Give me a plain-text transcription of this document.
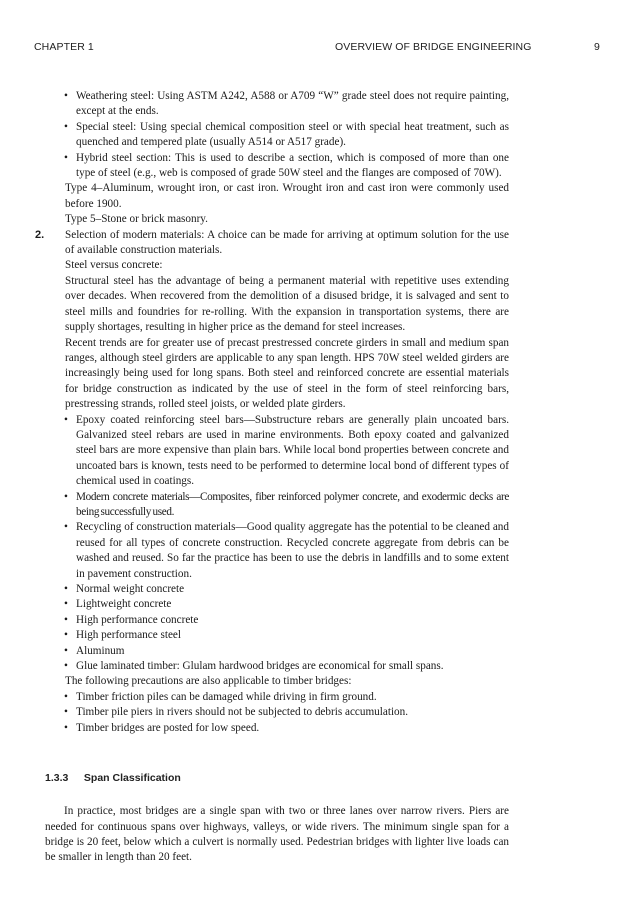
CHAPTER 1	OVERVIEW OF BRIDGE ENGINEERING	9

• Weathering steel: Using ASTM A242, A588 or A709 “W” grade steel does not require painting, except at the ends.

• Special steel: Using special chemical composition steel or with special heat treatment, such as quenched and tempered plate (usually A514 or A517 grade).

• Hybrid steel section: This is used to describe a section, which is composed of more than one type of steel (e.g., web is composed of grade 50W steel and the flanges are composed of 70W).

Type 4–Aluminum, wrought iron, or cast iron. Wrought iron and cast iron were commonly used before 1900.

Type 5–Stone or brick masonry.

2. Selection of modern materials: A choice can be made for arriving at optimum solution for the use of available construction materials.

Steel versus concrete:

Structural steel has the advantage of being a permanent material with repetitive uses extending over decades. When recovered from the demolition of a disused bridge, it is salvaged and sent to steel mills and foundries for re-rolling. With the expansion in transportation systems, there are supply shortages, resulting in higher price as the demand for steel increases.

Recent trends are for greater use of precast prestressed concrete girders in small and medium span ranges, although steel girders are applicable to any span length. HPS 70W steel welded girders are increasingly being used for long spans. Both steel and reinforced concrete are essential materials for bridge construction as indicated by the use of steel in the form of steel reinforcing bars, prestressing strands, rolled steel joists, or welded plate girders.

• Epoxy coated reinforcing steel bars—Substructure rebars are generally plain uncoated bars. Galvanized steel rebars are used in marine environments. Both epoxy coated and galvanized steel bars are more expensive than plain bars. While local bond properties between concrete and uncoated bars is known, tests need to be performed to determine local bond of different types of chemical used in coatings.

• Modern concrete materials—Composites, fiber reinforced polymer concrete, and exodermic decks are being successfully used.

• Recycling of construction materials—Good quality aggregate has the potential to be cleaned and reused for all types of concrete construction. Recycled concrete aggregate from debris can be washed and reused. So far the practice has been to use the debris in landfills and to some extent in pavement construction.

• Normal weight concrete

• Lightweight concrete

• High performance concrete

• High performance steel

• Aluminum

• Glue laminated timber: Glulam hardwood bridges are economical for small spans.

The following precautions are also applicable to timber bridges:

• Timber friction piles can be damaged while driving in firm ground.

• Timber pile piers in rivers should not be subjected to debris accumulation.

• Timber bridges are posted for low speed.

1.3.3 Span Classification

In practice, most bridges are a single span with two or three lanes over narrow rivers. Piers are needed for continuous spans over highways, valleys, or wide rivers. The minimum single span for a bridge is 20 feet, below which a culvert is normally used. Pedestrian bridges with lighter live loads can be smaller in length than 20 feet.
